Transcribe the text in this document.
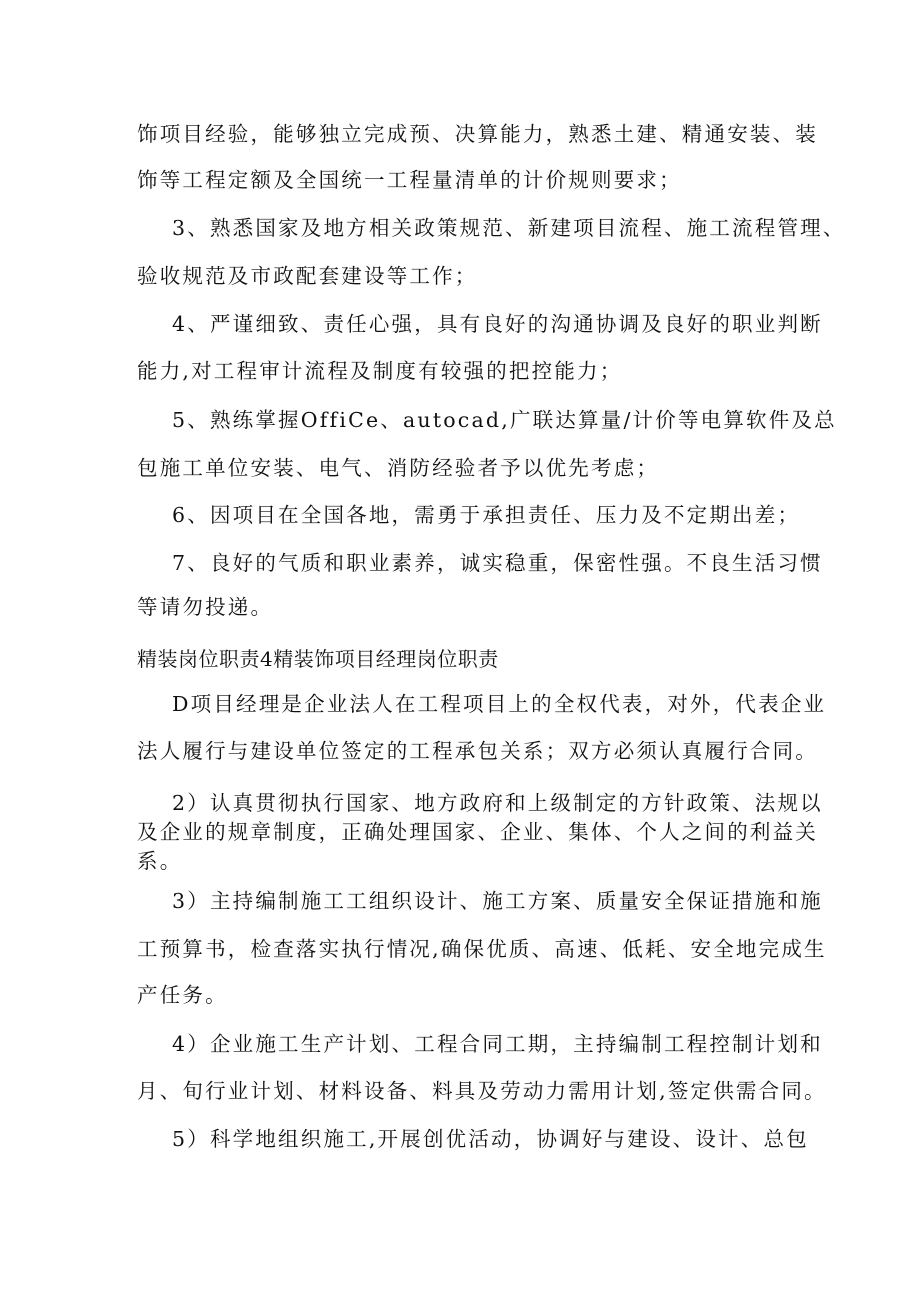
饰项目经验，能够独立完成预、决算能力，熟悉土建、精通安装、装
饰等工程定额及全国统一工程量清单的计价规则要求；
3、熟悉国家及地方相关政策规范、新建项目流程、施工流程管理、
验收规范及市政配套建设等工作；
4、严谨细致、责任心强，具有良好的沟通协调及良好的职业判断
能力,对工程审计流程及制度有较强的把控能力；
5、熟练掌握OffiCe、autocad,广联达算量/计价等电算软件及总
包施工单位安装、电气、消防经验者予以优先考虑；
6、因项目在全国各地，需勇于承担责任、压力及不定期出差；
7、良好的气质和职业素养，诚实稳重，保密性强。不良生活习惯
等请勿投递。
精装岗位职责4精装饰项目经理岗位职责
D项目经理是企业法人在工程项目上的全权代表，对外，代表企业
法人履行与建设单位签定的工程承包关系；双方必须认真履行合同。
2）认真贯彻执行国家、地方政府和上级制定的方针政策、法规以
及企业的规章制度，正确处理国家、企业、集体、个人之间的利益关
系。
3）主持编制施工工组织设计、施工方案、质量安全保证措施和施
工预算书，检查落实执行情况,确保优质、高速、低耗、安全地完成生
产任务。
4）企业施工生产计划、工程合同工期，主持编制工程控制计划和
月、旬行业计划、材料设备、料具及劳动力需用计划,签定供需合同。
5）科学地组织施工,开展创优活动，协调好与建设、设计、总包
